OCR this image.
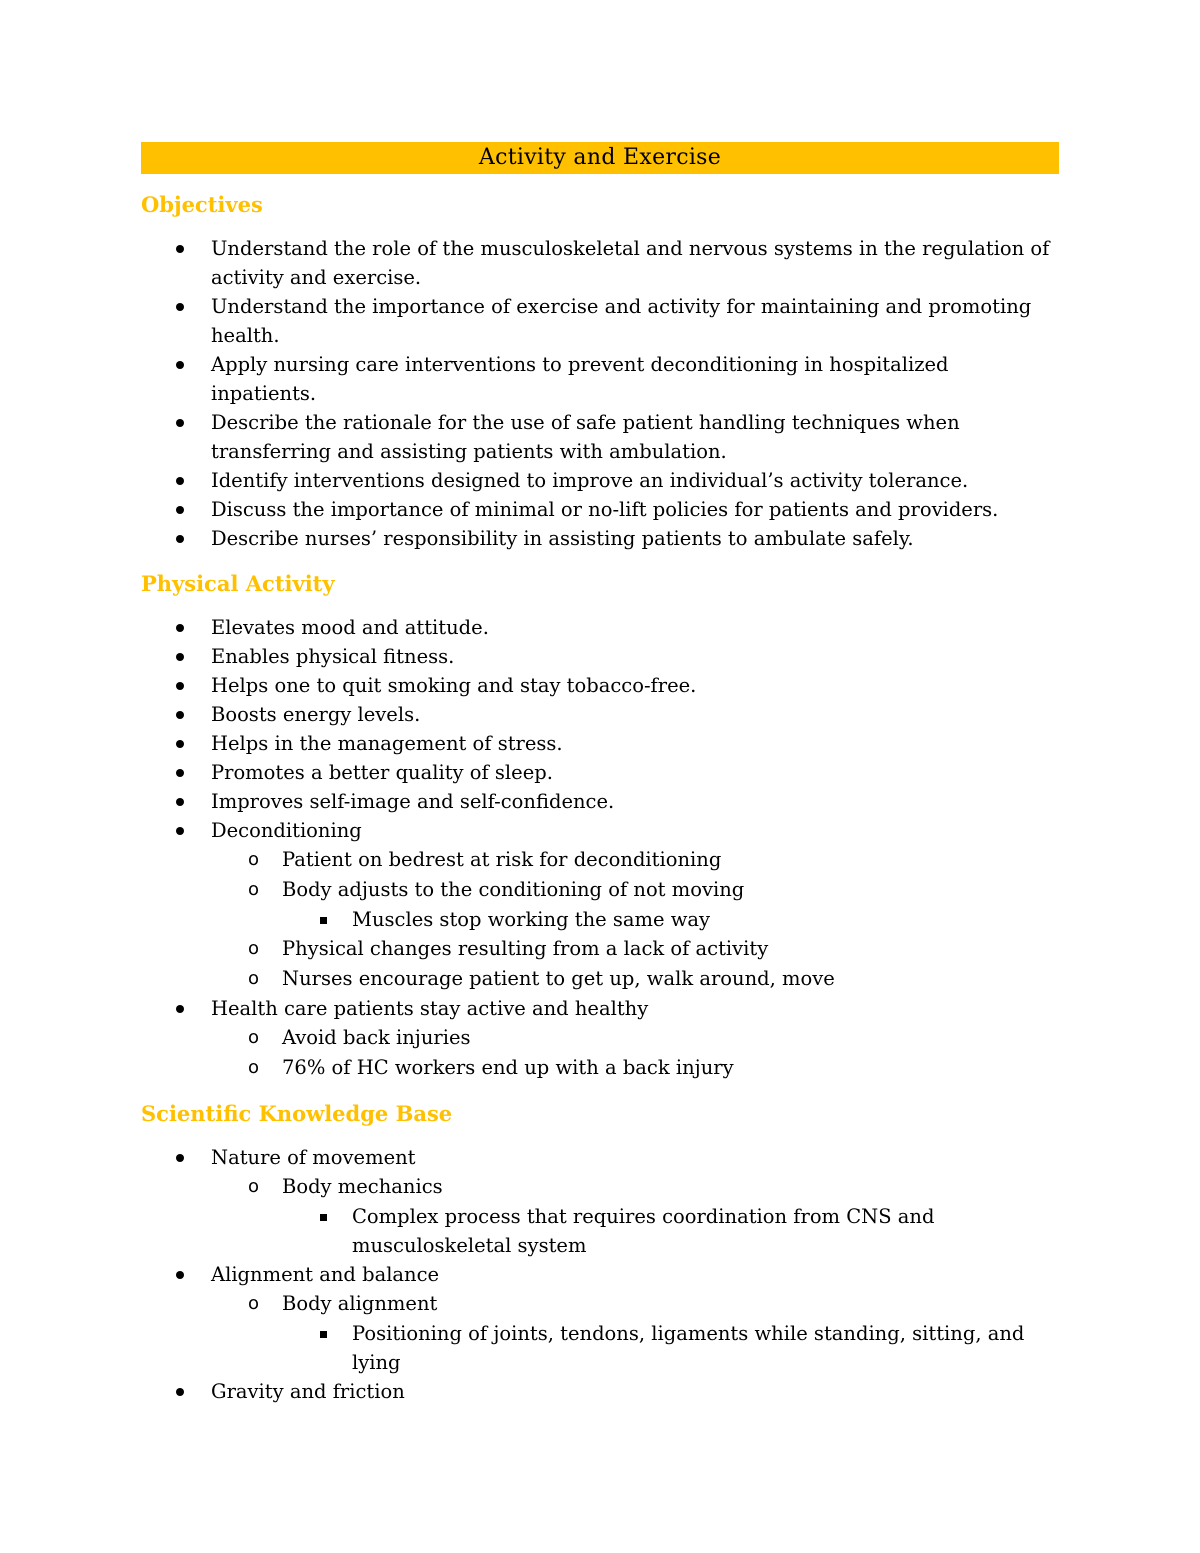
Activity and Exercise
Objectives
Understand the role of the musculoskeletal and nervous systems in the regulation of activity and exercise.
Understand the importance of exercise and activity for maintaining and promoting health.
Apply nursing care interventions to prevent deconditioning in hospitalized inpatients.
Describe the rationale for the use of safe patient handling techniques when transferring and assisting patients with ambulation.
Identify interventions designed to improve an individual’s activity tolerance.
Discuss the importance of minimal or no-lift policies for patients and providers.
Describe nurses’ responsibility in assisting patients to ambulate safely.
Physical Activity
Elevates mood and attitude.
Enables physical fitness.
Helps one to quit smoking and stay tobacco-free.
Boosts energy levels.
Helps in the management of stress.
Promotes a better quality of sleep.
Improves self-image and self-confidence.
Deconditioning
o Patient on bedrest at risk for deconditioning
o Body adjusts to the conditioning of not moving
Muscles stop working the same way
o Physical changes resulting from a lack of activity
o Nurses encourage patient to get up, walk around, move
Health care patients stay active and healthy
o Avoid back injuries
o 76% of HC workers end up with a back injury
Scientific Knowledge Base
Nature of movement
o Body mechanics
Complex process that requires coordination from CNS and musculoskeletal system
Alignment and balance
o Body alignment
Positioning of joints, tendons, ligaments while standing, sitting, and lying
Gravity and friction
